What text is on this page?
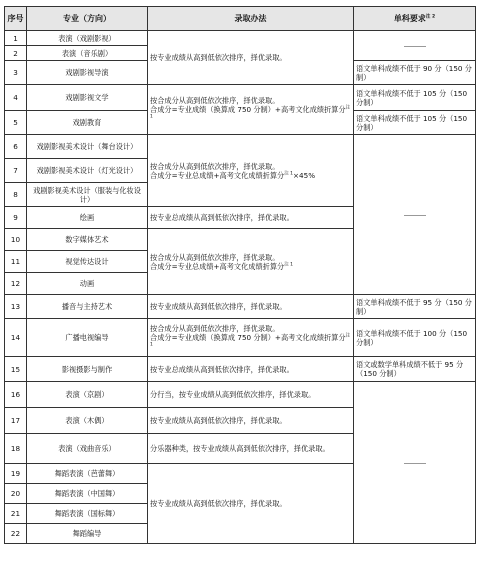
序号	专业（方向）	录取办法	单科要求$^{注 2}$
1	表演（戏剧影视）	按专业成绩从高到低依次排序，择优录取。	
2	表演（音乐剧）		
3	戏剧影视导演		语文单科成绩不低于 90 分（150 分制）
4	戏剧影视文学	按合成分从高到低依次排序，择优录取。
合成分=专业成绩（换算成 750 分制）+高考文化成绩折算分$^{注 1}$	语文单科成绩不低于 105 分（150 分制）
5	戏剧教育		语文单科成绩不低于 105 分（150 分制）
6	戏剧影视美术设计（舞台设计）	按合成分从高到低依次排序，择优录取。
合成分=专业总成绩+高考文化成绩折算分$^{注 1}$×45%	
7	戏剧影视美术设计（灯光设计）		
8	戏剧影视美术设计（服装与化妆设计）		
9	绘画	按专业总成绩从高到低依次排序，择优录取。	
10	数字媒体艺术	按合成分从高到低依次排序，择优录取。
合成分=专业总成绩+高考文化成绩折算分$^{注 1}$
11	视觉传达设计		
12	动画		
13	播音与主持艺术	按专业成绩从高到低依次排序，择优录取。	语文单科成绩不低于 95 分（150 分制）
14	广播电视编导	按合成分从高到低依次排序，择优录取。
合成分=专业成绩（换算成 750 分制）+高考文化成绩折算分$^{注 1}$	语文单科成绩不低于 100 分（150 分制）
15	影视摄影与制作	按专业总成绩从高到低依次排序，择优录取。	语文或数学单科成绩不低于 95 分（150 分制）
16	表演（京剧）	分行当，按专业成绩从高到低依次排序，择优录取。	
17	表演（木偶）	按专业成绩从高到低依次排序，择优录取。	
18	表演（戏曲音乐）	分乐器种类，按专业成绩从高到低依次排序，择优录取。	
19	舞蹈表演（芭蕾舞）	按专业成绩从高到低依次排序，择优录取。	
20	舞蹈表演（中国舞）		
21	舞蹈表演（国标舞）		
22	舞蹈编导		
